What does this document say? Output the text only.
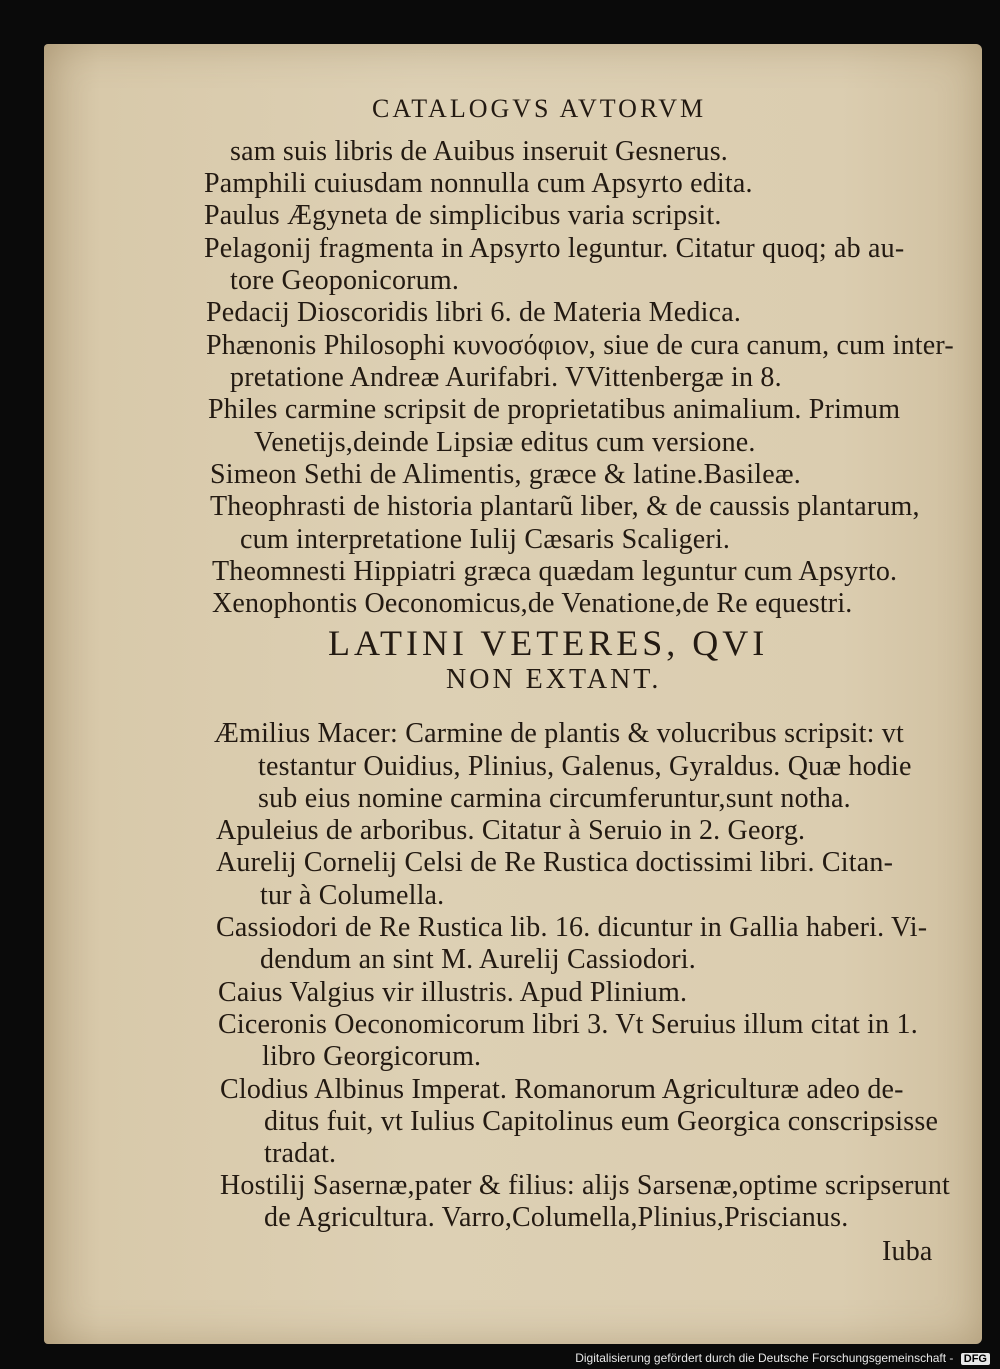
CATALOGVS AVTORVM

sam suis libris de Auibus inseruit Gesnerus.

Pamphili cuiusdam nonnulla cum Apsyrto edita.

Paulus Ægyneta de simplicibus varia scripsit.

Pelagonij fragmenta in Apsyrto leguntur. Citatur quoq; ab au-

tore Geoponicorum.

Pedacij Dioscoridis libri 6. de Materia Medica.

Phænonis Philosophi κυνοσόφιον, siue de cura canum, cum inter-

pretatione Andreæ Aurifabri. VVittenbergæ in 8.

Philes carmine scripsit de proprietatibus animalium. Primum

Venetijs,deinde Lipsiæ editus cum versione.

Simeon Sethi de Alimentis, græce & latine.Basileæ.

Theophrasti de historia plantarũ liber, & de caussis plantarum,

cum interpretatione Iulij Cæsaris Scaligeri.

Theomnesti Hippiatri græca quædam leguntur cum Apsyrto.

Xenophontis Oeconomicus,de Venatione,de Re equestri.

LATINI VETERES, QVI

NON EXTANT.

Æmilius Macer: Carmine de plantis & volucribus scripsit: vt

testantur Ouidius, Plinius, Galenus, Gyraldus. Quæ hodie

sub eius nomine carmina circumferuntur,sunt notha.

Apuleius de arboribus. Citatur à Seruio in 2. Georg.

Aurelij Cornelij Celsi de Re Rustica doctissimi libri. Citan-

tur à Columella.

Cassiodori de Re Rustica lib. 16. dicuntur in Gallia haberi. Vi-

dendum an sint M. Aurelij Cassiodori.

Caius Valgius vir illustris. Apud Plinium.

Ciceronis Oeconomicorum libri 3. Vt Seruius illum citat in 1.

libro Georgicorum.

Clodius Albinus Imperat. Romanorum Agriculturæ adeo de-

ditus fuit, vt Iulius Capitolinus eum Georgica conscripsisse

tradat.

Hostilij Sasernæ,pater & filius: alijs Sarsenæ,optime scripserunt

de Agricultura. Varro,Columella,Plinius,Priscianus.

Iuba

Digitalisierung gefördert durch die Deutsche Forschungsgemeinschaft - DFG
